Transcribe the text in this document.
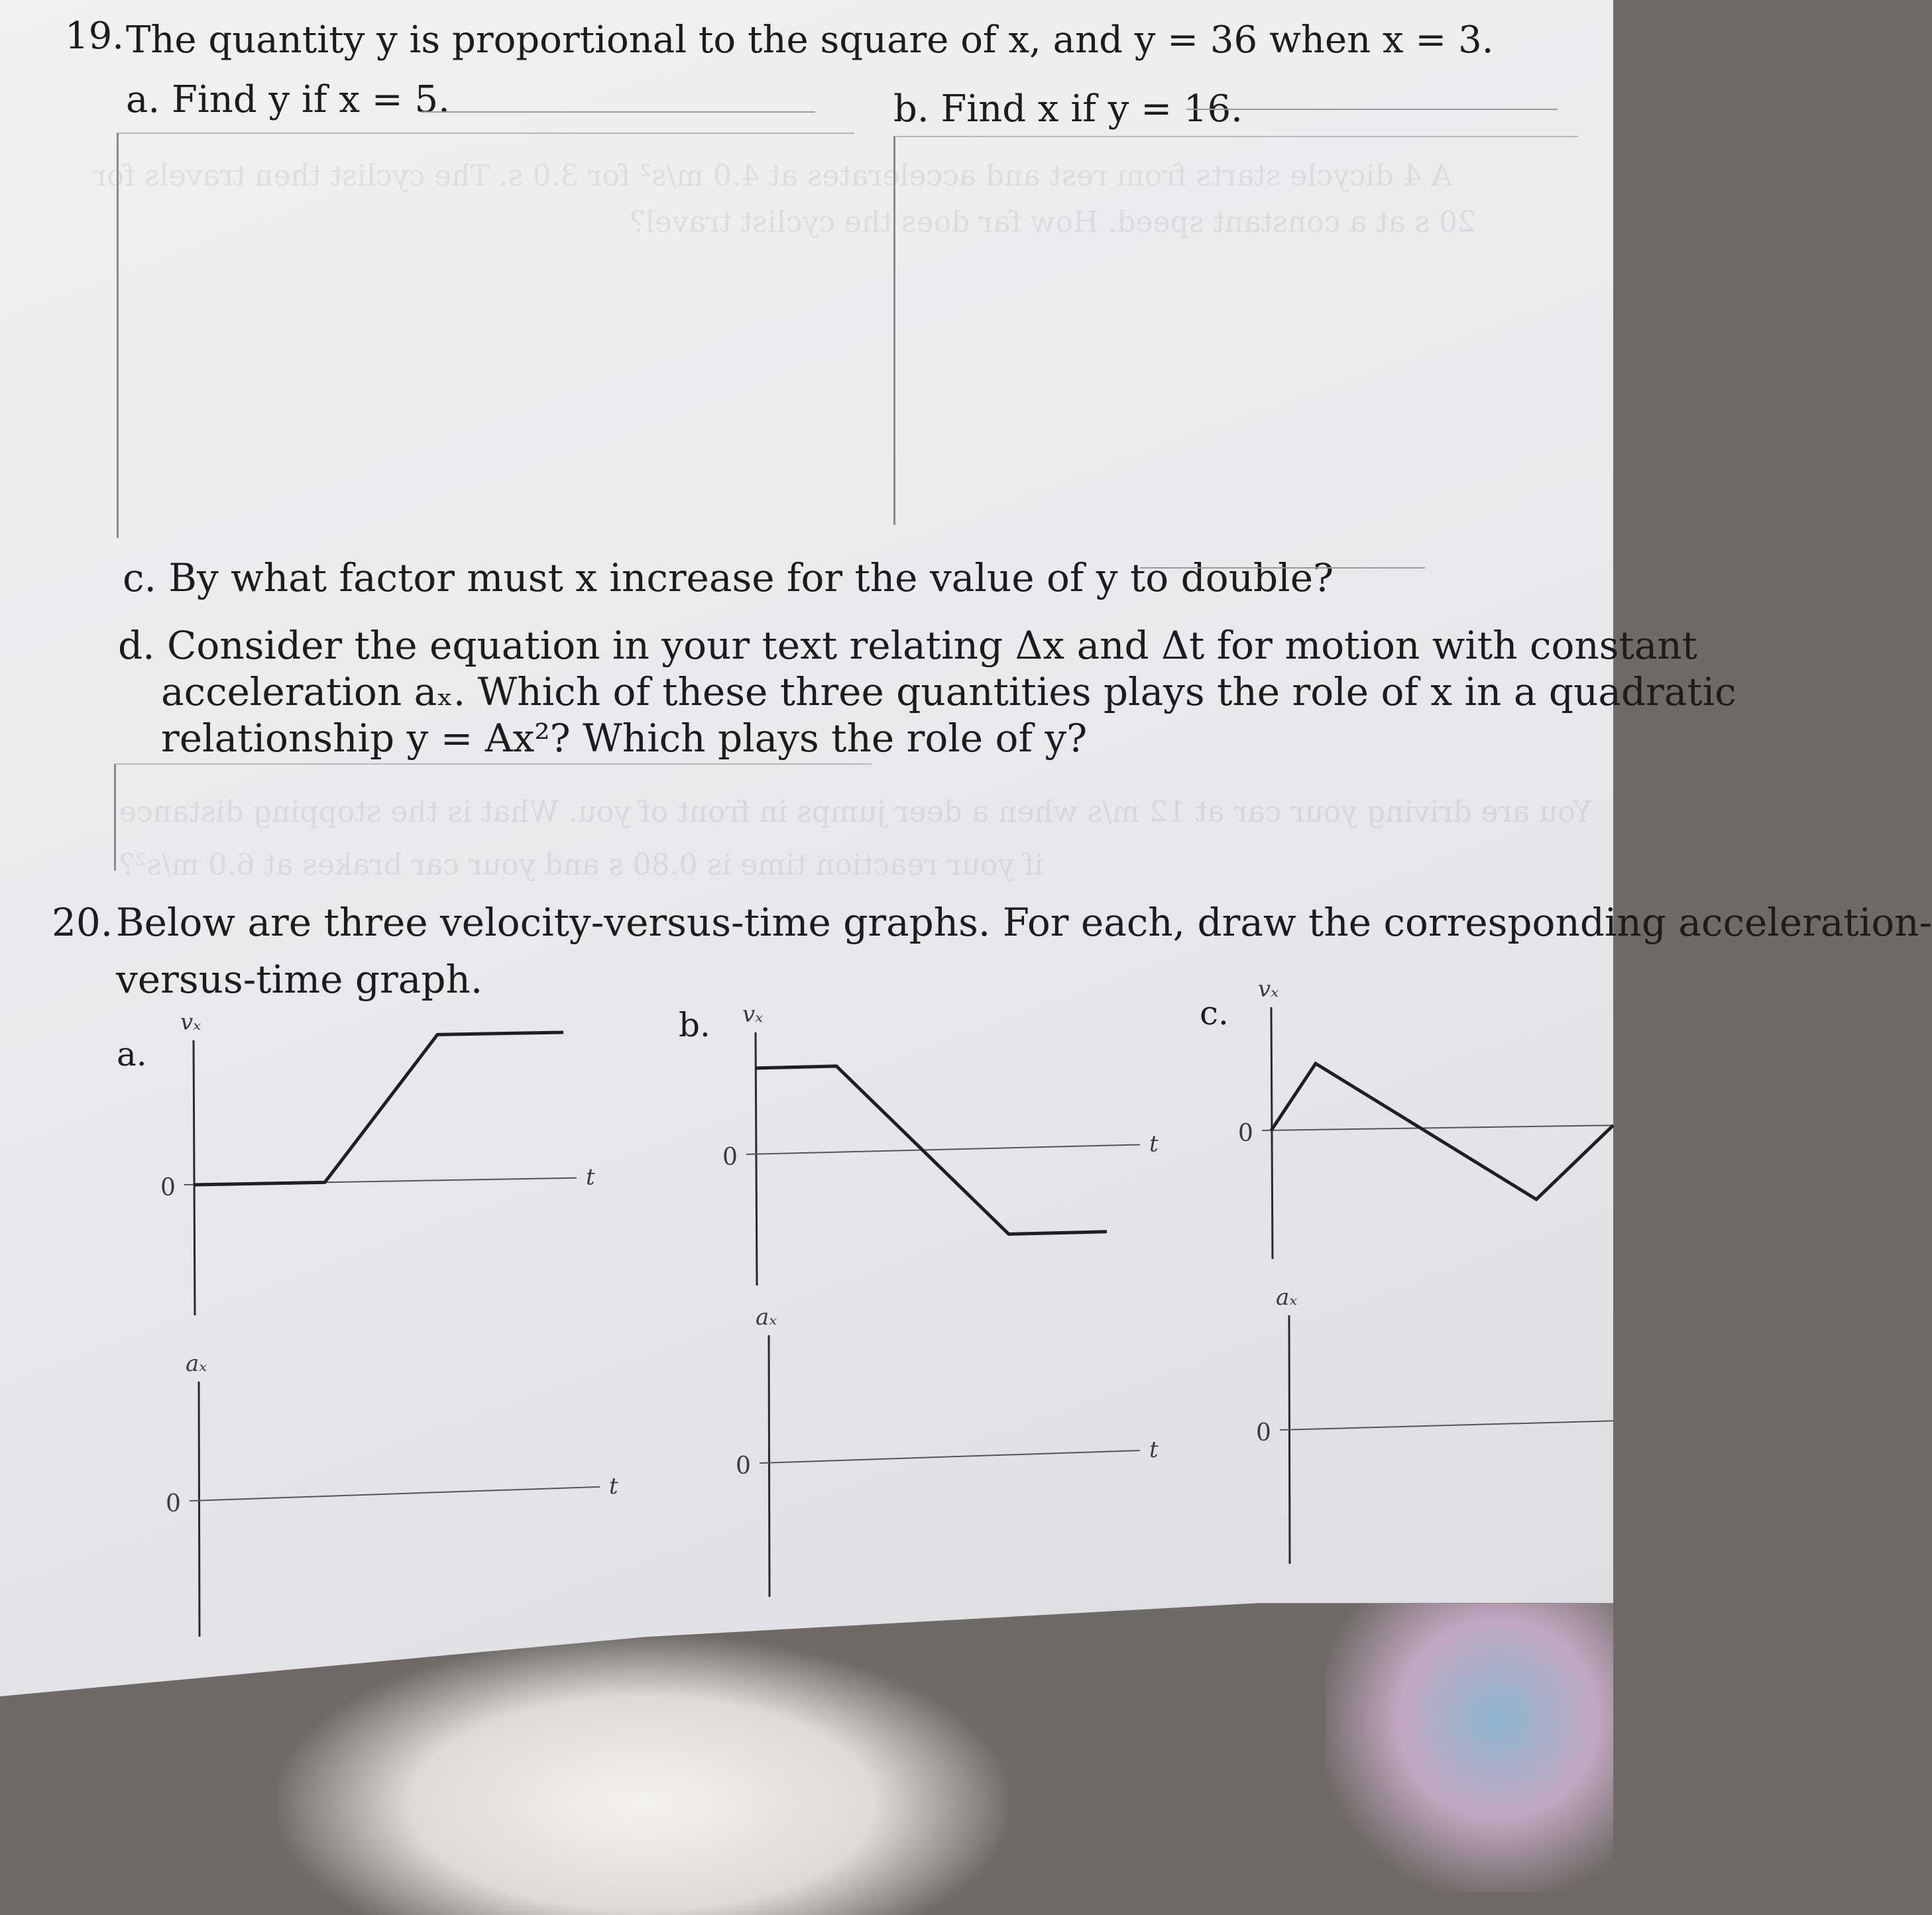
A 4 dicycle starts from rest and accelerates at 4.0 m/s² for 3.0 s. The cyclist then travels for
20 s at a constant speed. How far does the cyclist travel?
You are driving your car at 12 m/s when a deer jumps in front of you. What is the stopping distance
if your reaction time is 0.80 s and your car brakes at 6.0 m/s²?
19. The quantity y is proportional to the square of x, and y = 36 when x = 3.
a. Find y if x = 5.	b. Find x if y = 16.
c. By what factor must x increase for the value of y to double?
d. Consider the equation in your text relating Δx and Δt for motion with constant
acceleration aₓ. Which of these three quantities plays the role of x in a quadratic
relationship y = Ax²? Which plays the role of y?
20. Below are three velocity-versus-time graphs. For each, draw the corresponding acceleration-
versus-time graph.
a.
b.	c.
0
vₓ
t
0
vₓ
t	0
vₓ
0
aₓ
t
0
aₓ
t
0
aₓ
